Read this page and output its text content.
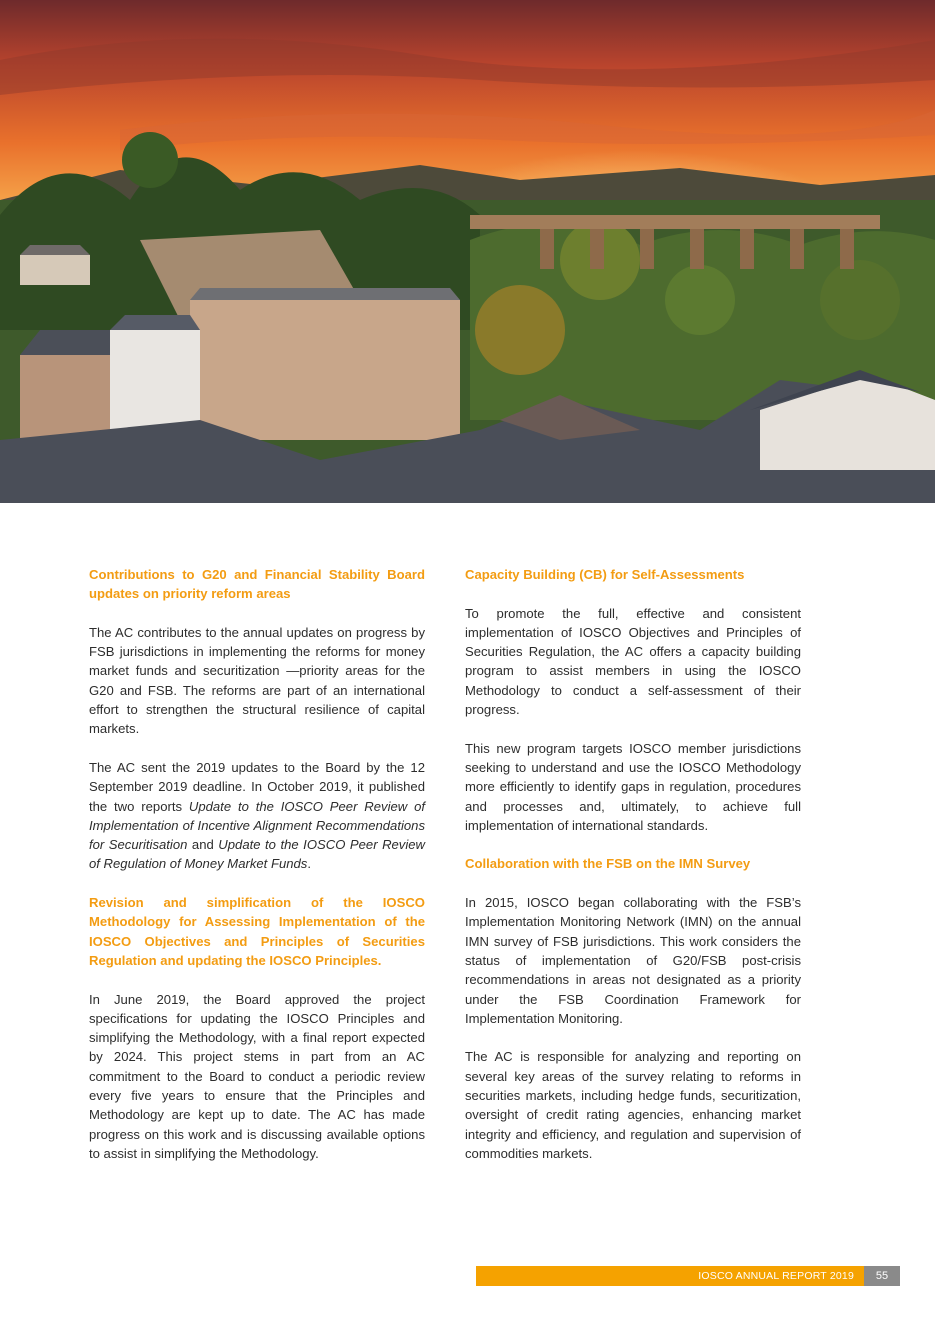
Contributions to G20 and Financial Stability Board updates on priority reform areas

The AC contributes to the annual updates on progress by FSB jurisdictions in implementing the reforms for money market funds and securitization —priority areas for the G20 and FSB. The reforms are part of an international effort to strengthen the structural resilience of capital markets.

The AC sent the 2019 updates to the Board by the 12 September 2019 deadline. In October 2019, it published the two reports Update to the IOSCO Peer Review of Implementation of Incentive Alignment Recommendations for Securitisation and Update to the IOSCO Peer Review of Regulation of Money Market Funds.

Revision and simplification of the IOSCO Methodology for Assessing Implementation of the IOSCO Objectives and Principles of Securities Regulation and updating the IOSCO Principles.

In June 2019, the Board approved the project specifications for updating the IOSCO Principles and simplifying the Methodology, with a final report expected by 2024. This project stems in part from an AC commitment to the Board to conduct a periodic review every five years to ensure that the Principles and Methodology are kept up to date. The AC has made progress on this work and is discussing available options to assist in simplifying the Methodology.

Capacity Building (CB) for Self-Assessments

To promote the full, effective and consistent implementation of IOSCO Objectives and Principles of Securities Regulation, the AC offers a capacity building program to assist members in using the IOSCO Methodology to conduct a self-assessment of their progress.

This new program targets IOSCO member jurisdictions seeking to understand and use the IOSCO Methodology more efficiently to identify gaps in regulation, procedures and processes and, ultimately, to achieve full implementation of international standards.

Collaboration with the FSB on the IMN Survey

In 2015, IOSCO began collaborating with the FSB’s Implementation Monitoring Network (IMN) on the annual IMN survey of FSB jurisdictions. This work considers the status of implementation of G20/FSB post-crisis recommendations in areas not designated as a priority under the FSB Coordination Framework for Implementation Monitoring.

The AC is responsible for analyzing and reporting on several key areas of the survey relating to reforms in securities markets, including hedge funds, securitization, oversight of credit rating agencies, enhancing market integrity and efficiency, and regulation and supervision of commodities markets.

IOSCO ANNUAL REPORT 2019	55
